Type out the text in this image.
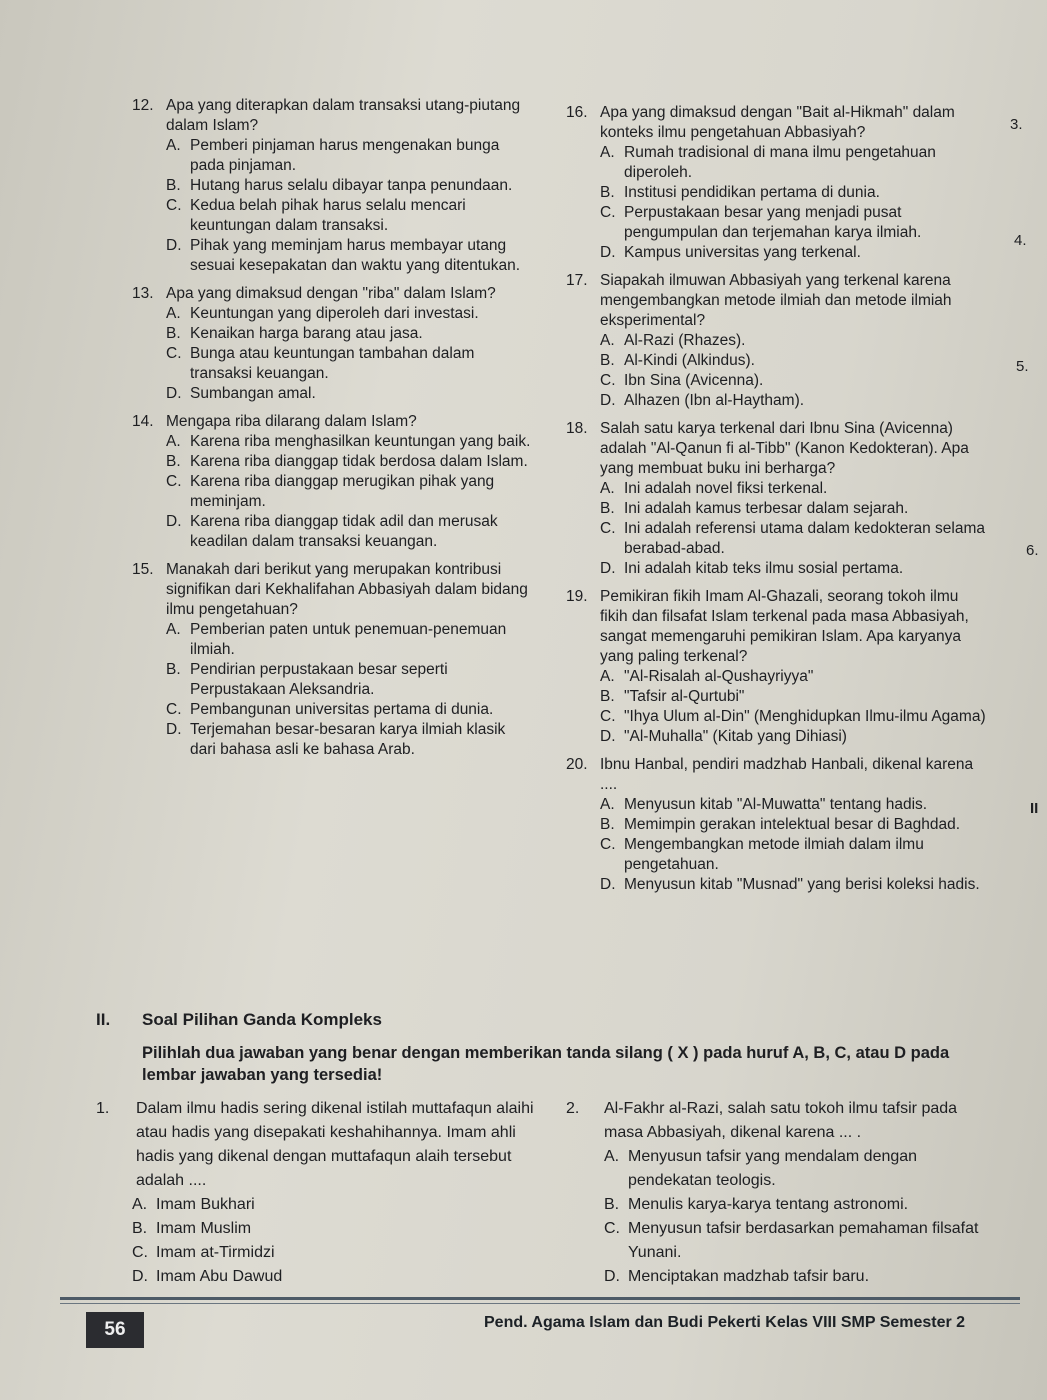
12. Apa yang diterapkan dalam transaksi utang-piutang dalam Islam?
A. Pemberi pinjaman harus mengenakan bunga pada pinjaman.
B. Hutang harus selalu dibayar tanpa penundaan.
C. Kedua belah pihak harus selalu mencari keuntungan dalam transaksi.
D. Pihak yang meminjam harus membayar utang sesuai kesepakatan dan waktu yang ditentukan.
13. Apa yang dimaksud dengan "riba" dalam Islam?
A. Keuntungan yang diperoleh dari investasi.
B. Kenaikan harga barang atau jasa.
C. Bunga atau keuntungan tambahan dalam transaksi keuangan.
D. Sumbangan amal.
14. Mengapa riba dilarang dalam Islam?
A. Karena riba menghasilkan keuntungan yang baik.
B. Karena riba dianggap tidak berdosa dalam Islam.
C. Karena riba dianggap merugikan pihak yang meminjam.
D. Karena riba dianggap tidak adil dan merusak keadilan dalam transaksi keuangan.
15. Manakah dari berikut yang merupakan kontribusi signifikan dari Kekhalifahan Abbasiyah dalam bidang ilmu pengetahuan?
A. Pemberian paten untuk penemuan-penemuan ilmiah.
B. Pendirian perpustakaan besar seperti Perpustakaan Aleksandria.
C. Pembangunan universitas pertama di dunia.
D. Terjemahan besar-besaran karya ilmiah klasik dari bahasa asli ke bahasa Arab.
16. Apa yang dimaksud dengan "Bait al-Hikmah" dalam konteks ilmu pengetahuan Abbasiyah?
A. Rumah tradisional di mana ilmu pengetahuan diperoleh.
B. Institusi pendidikan pertama di dunia.
C. Perpustakaan besar yang menjadi pusat pengumpulan dan terjemahan karya ilmiah.
D. Kampus universitas yang terkenal.
17. Siapakah ilmuwan Abbasiyah yang terkenal karena mengembangkan metode ilmiah dan metode ilmiah eksperimental?
A. Al-Razi (Rhazes).
B. Al-Kindi (Alkindus).
C. Ibn Sina (Avicenna).
D. Alhazen (Ibn al-Haytham).
18. Salah satu karya terkenal dari Ibnu Sina (Avicenna) adalah "Al-Qanun fi al-Tibb" (Kanon Kedokteran). Apa yang membuat buku ini berharga?
A. Ini adalah novel fiksi terkenal.
B. Ini adalah kamus terbesar dalam sejarah.
C. Ini adalah referensi utama dalam kedokteran selama berabad-abad.
D. Ini adalah kitab teks ilmu sosial pertama.
19. Pemikiran fikih Imam Al-Ghazali, seorang tokoh ilmu fikih dan filsafat Islam terkenal pada masa Abbasiyah, sangat memengaruhi pemikiran Islam. Apa karyanya yang paling terkenal?
A. "Al-Risalah al-Qushayriyya"
B. "Tafsir al-Qurtubi"
C. "Ihya Ulum al-Din" (Menghidupkan Ilmu-ilmu Agama)
D. "Al-Muhalla" (Kitab yang Dihiasi)
20. Ibnu Hanbal, pendiri madzhab Hanbali, dikenal karena ....
A. Menyusun kitab "Al-Muwatta" tentang hadis.
B. Memimpin gerakan intelektual besar di Baghdad.
C. Mengembangkan metode ilmiah dalam ilmu pengetahuan.
D. Menyusun kitab "Musnad" yang berisi koleksi hadis.
3.
4.
5.
6.
II
II.	Soal Pilihan Ganda Kompleks
Pilihlah dua jawaban yang benar dengan memberikan tanda silang ( X ) pada huruf A, B, C, atau D pada lembar jawaban yang tersedia!
1.	Dalam ilmu hadis sering dikenal istilah muttafaqun alaihi atau hadis yang disepakati keshahihannya. Imam ahli hadis yang dikenal dengan muttafaqun alaih tersebut adalah ....
A. Imam Bukhari
B. Imam Muslim
C. Imam at-Tirmidzi
D. Imam Abu Dawud
2.	Al-Fakhr al-Razi, salah satu tokoh ilmu tafsir pada masa Abbasiyah, dikenal karena ... .
A. Menyusun tafsir yang mendalam dengan pendekatan teologis.
B. Menulis karya-karya tentang astronomi.
C. Menyusun tafsir berdasarkan pemahaman filsafat Yunani.
D. Menciptakan madzhab tafsir baru.
56	Pend. Agama Islam dan Budi Pekerti Kelas VIII SMP Semester 2
